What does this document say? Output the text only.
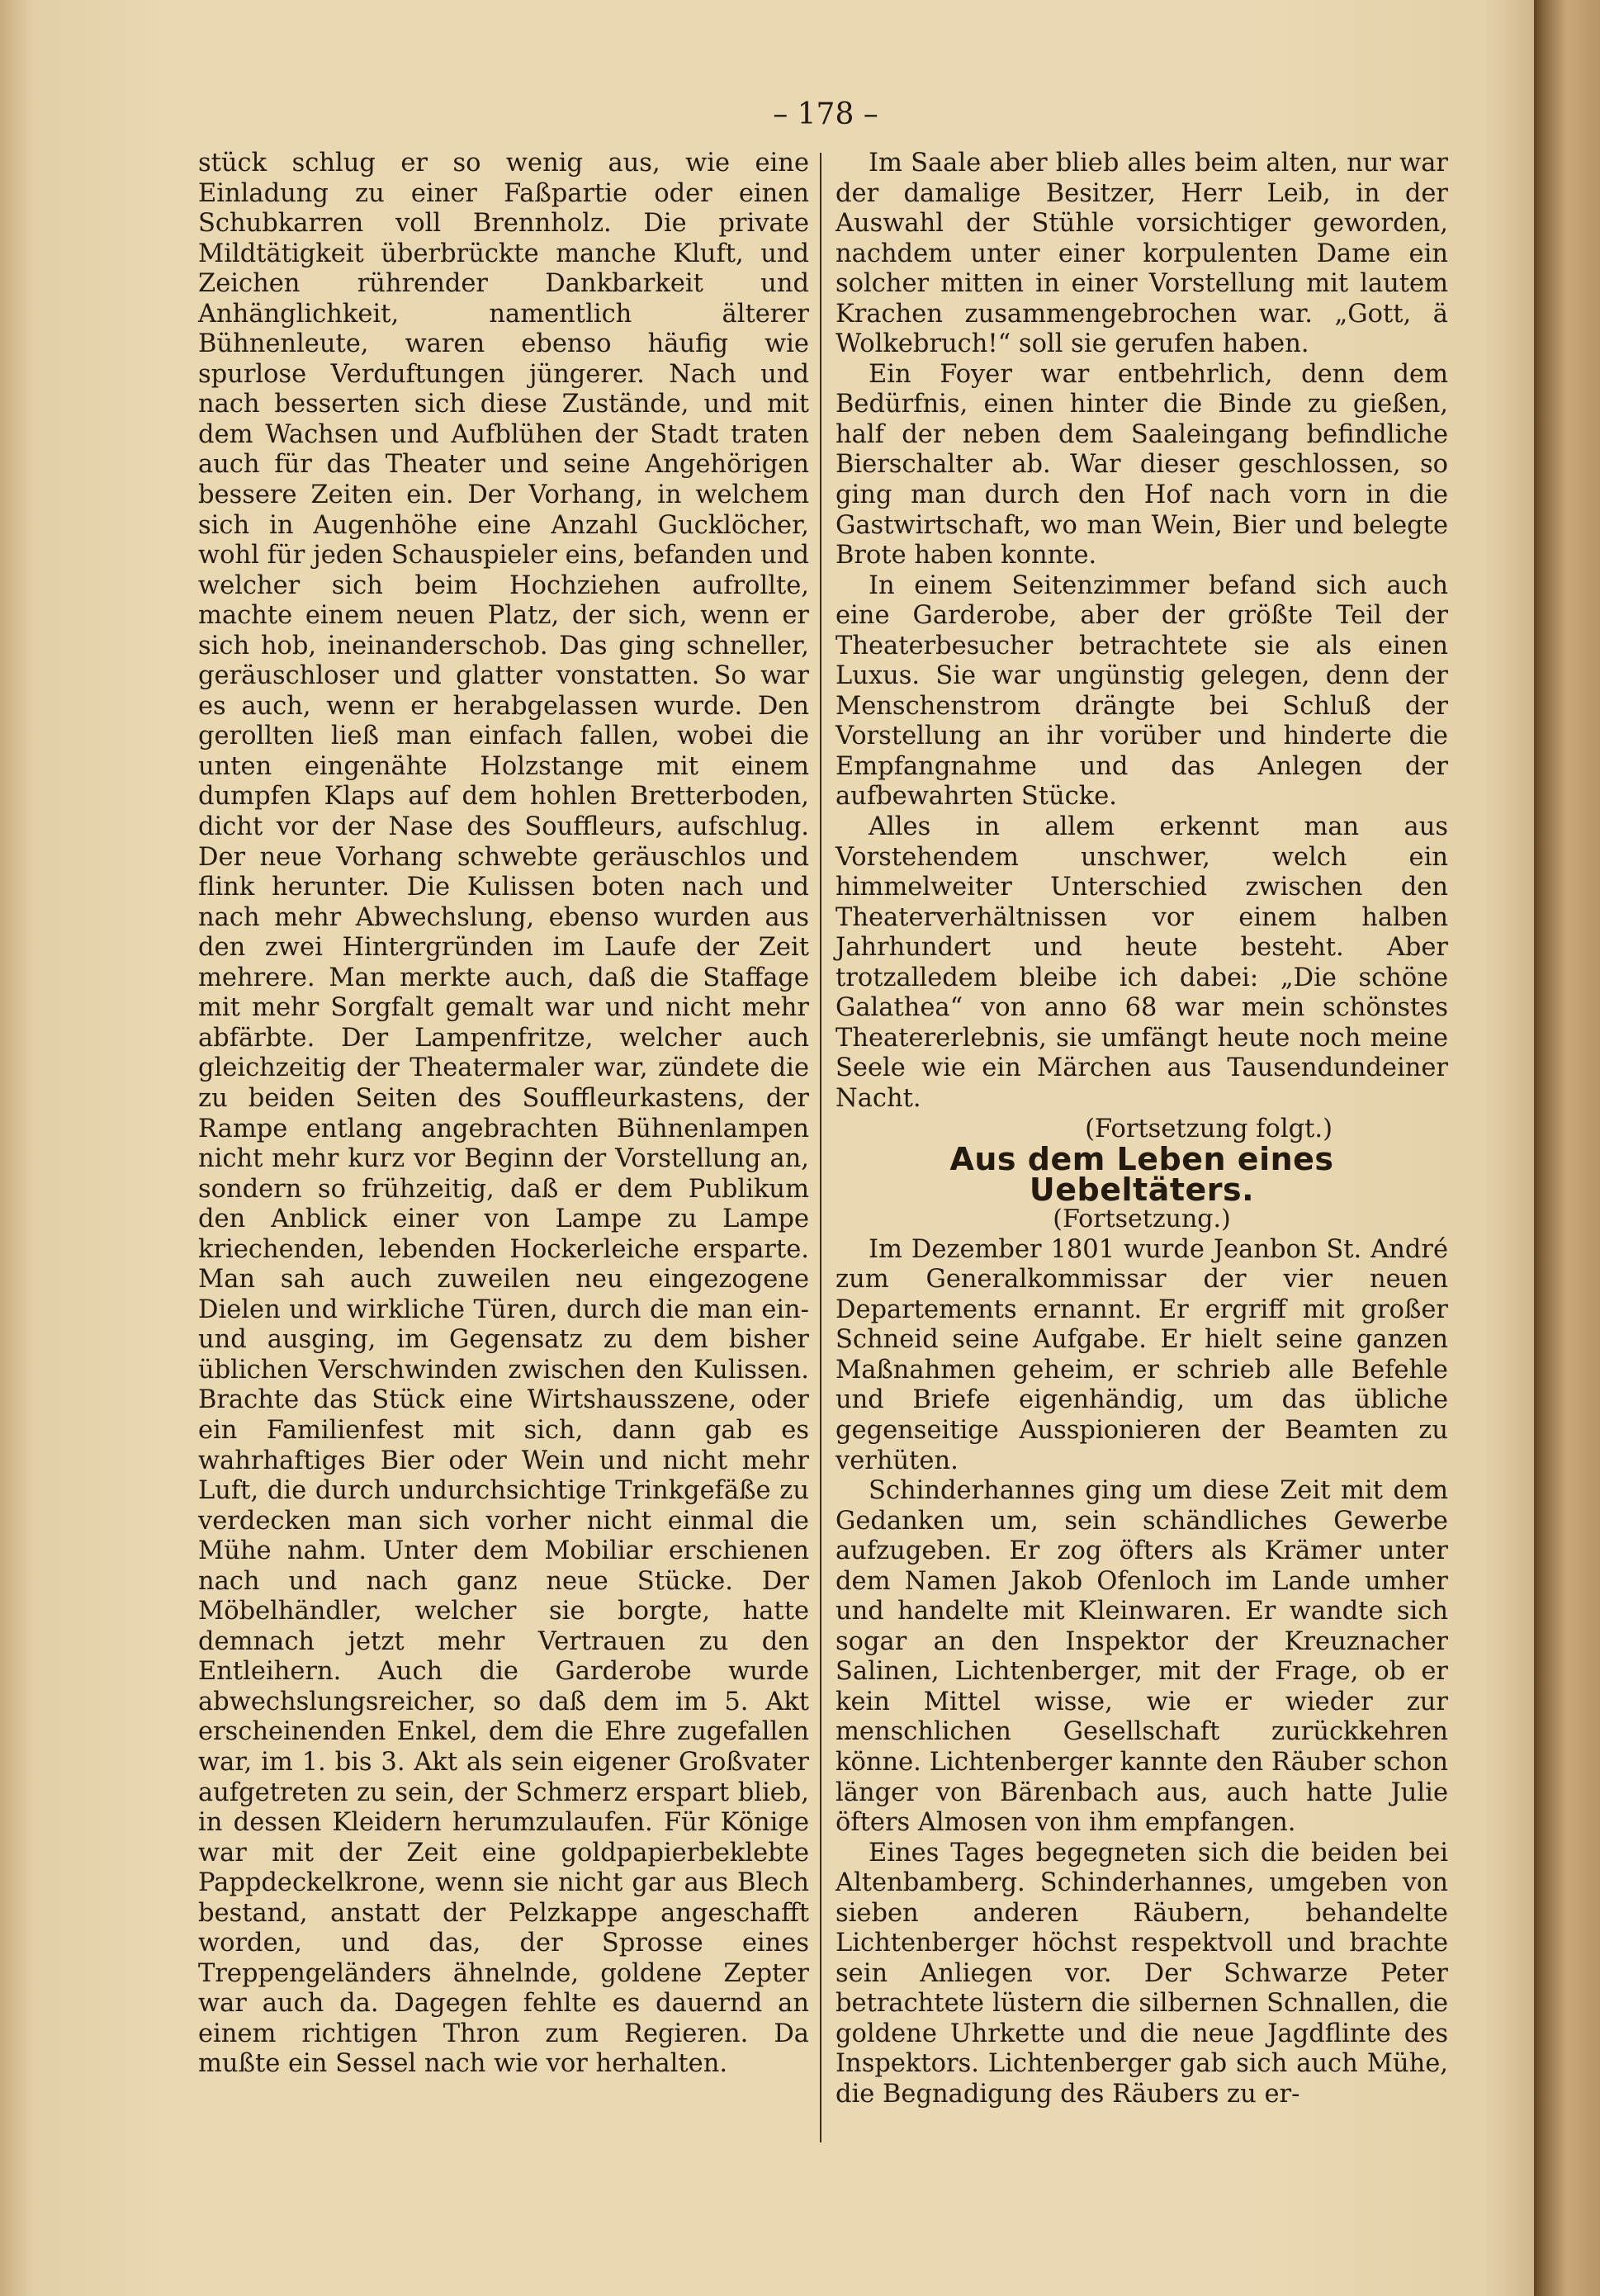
– 178 –

stück schlug er so wenig aus, wie eine Einladung zu einer Faßpartie oder einen Schubkarren voll Brennholz. Die private Mildtätigkeit überbrückte manche Kluft, und Zeichen rührender Dankbarkeit und Anhänglichkeit, namentlich älterer Bühnenleute, waren ebenso häufig wie spurlose Verduftungen jüngerer. Nach und nach besserten sich diese Zustände, und mit dem Wachsen und Aufblühen der Stadt traten auch für das Theater und seine Angehörigen bessere Zeiten ein. Der Vorhang, in welchem sich in Augenhöhe eine Anzahl Gucklöcher, wohl für jeden Schauspieler eins, befanden und welcher sich beim Hochziehen aufrollte, machte einem neuen Platz, der sich, wenn er sich hob, ineinanderschob. Das ging schneller, geräuschloser und glatter vonstatten. So war es auch, wenn er herabgelassen wurde. Den gerollten ließ man einfach fallen, wobei die unten eingenähte Holzstange mit einem dumpfen Klaps auf dem hohlen Bretterboden, dicht vor der Nase des Souffleurs, aufschlug. Der neue Vorhang schwebte geräuschlos und flink herunter. Die Kulissen boten nach und nach mehr Abwechslung, ebenso wurden aus den zwei Hintergründen im Laufe der Zeit mehrere. Man merkte auch, daß die Staffage mit mehr Sorgfalt gemalt war und nicht mehr abfärbte. Der Lampenfritze, welcher auch gleichzeitig der Theatermaler war, zündete die zu beiden Seiten des Souffleurkastens, der Rampe entlang angebrachten Bühnenlampen nicht mehr kurz vor Beginn der Vorstellung an, sondern so frühzeitig, daß er dem Publikum den Anblick einer von Lampe zu Lampe kriechenden, lebenden Hockerleiche ersparte. Man sah auch zuweilen neu eingezogene Dielen und wirkliche Türen, durch die man ein- und ausging, im Gegensatz zu dem bisher üblichen Verschwinden zwischen den Kulissen. Brachte das Stück eine Wirtshausszene, oder ein Familienfest mit sich, dann gab es wahrhaftiges Bier oder Wein und nicht mehr Luft, die durch undurchsichtige Trinkgefäße zu verdecken man sich vorher nicht einmal die Mühe nahm. Unter dem Mobiliar erschienen nach und nach ganz neue Stücke. Der Möbelhändler, welcher sie borgte, hatte demnach jetzt mehr Vertrauen zu den Entleihern. Auch die Garderobe wurde abwechslungsreicher, so daß dem im 5. Akt erscheinenden Enkel, dem die Ehre zugefallen war, im 1. bis 3. Akt als sein eigener Großvater aufgetreten zu sein, der Schmerz erspart blieb, in dessen Kleidern herumzulaufen. Für Könige war mit der Zeit eine goldpapierbeklebte Pappdeckelkrone, wenn sie nicht gar aus Blech bestand, anstatt der Pelzkappe angeschafft worden, und das, der Sprosse eines Treppengeländers ähnelnde, goldene Zepter war auch da. Dagegen fehlte es dauernd an einem richtigen Thron zum Regieren. Da mußte ein Sessel nach wie vor herhalten.

Im Saale aber blieb alles beim alten, nur war der damalige Besitzer, Herr Leib, in der Auswahl der Stühle vorsichtiger geworden, nachdem unter einer korpulenten Dame ein solcher mitten in einer Vorstellung mit lautem Krachen zusammengebrochen war. „Gott, ä Wolkebruch!“ soll sie gerufen haben.

Ein Foyer war entbehrlich, denn dem Bedürfnis, einen hinter die Binde zu gießen, half der neben dem Saaleingang befindliche Bierschalter ab. War dieser geschlossen, so ging man durch den Hof nach vorn in die Gastwirtschaft, wo man Wein, Bier und belegte Brote haben konnte.

In einem Seitenzimmer befand sich auch eine Garderobe, aber der größte Teil der Theaterbesucher betrachtete sie als einen Luxus. Sie war ungünstig gelegen, denn der Menschenstrom drängte bei Schluß der Vorstellung an ihr vorüber und hinderte die Empfangnahme und das Anlegen der aufbewahrten Stücke.

Alles in allem erkennt man aus Vorstehendem unschwer, welch ein himmelweiter Unterschied zwischen den Theaterverhältnissen vor einem halben Jahrhundert und heute besteht. Aber trotzalledem bleibe ich dabei: „Die schöne Galathea“ von anno 68 war mein schönstes Theatererlebnis, sie umfängt heute noch meine Seele wie ein Märchen aus Tausendundeiner Nacht.

(Fortsetzung folgt.)

Aus dem Leben eines Uebeltäters.

(Fortsetzung.)

Im Dezember 1801 wurde Jeanbon St. André zum Generalkommissar der vier neuen Departements ernannt. Er ergriff mit großer Schneid seine Aufgabe. Er hielt seine ganzen Maßnahmen geheim, er schrieb alle Befehle und Briefe eigenhändig, um das übliche gegenseitige Ausspionieren der Beamten zu verhüten.

Schinderhannes ging um diese Zeit mit dem Gedanken um, sein schändliches Gewerbe aufzugeben. Er zog öfters als Krämer unter dem Namen Jakob Ofenloch im Lande umher und handelte mit Kleinwaren. Er wandte sich sogar an den Inspektor der Kreuznacher Salinen, Lichtenberger, mit der Frage, ob er kein Mittel wisse, wie er wieder zur menschlichen Gesellschaft zurückkehren könne. Lichtenberger kannte den Räuber schon länger von Bärenbach aus, auch hatte Julie öfters Almosen von ihm empfangen.

Eines Tages begegneten sich die beiden bei Altenbamberg. Schinderhannes, umgeben von sieben anderen Räubern, behandelte Lichtenberger höchst respektvoll und brachte sein Anliegen vor. Der Schwarze Peter betrachtete lüstern die silbernen Schnallen, die goldene Uhrkette und die neue Jagdflinte des Inspektors. Lichtenberger gab sich auch Mühe, die Begnadigung des Räubers zu er-
